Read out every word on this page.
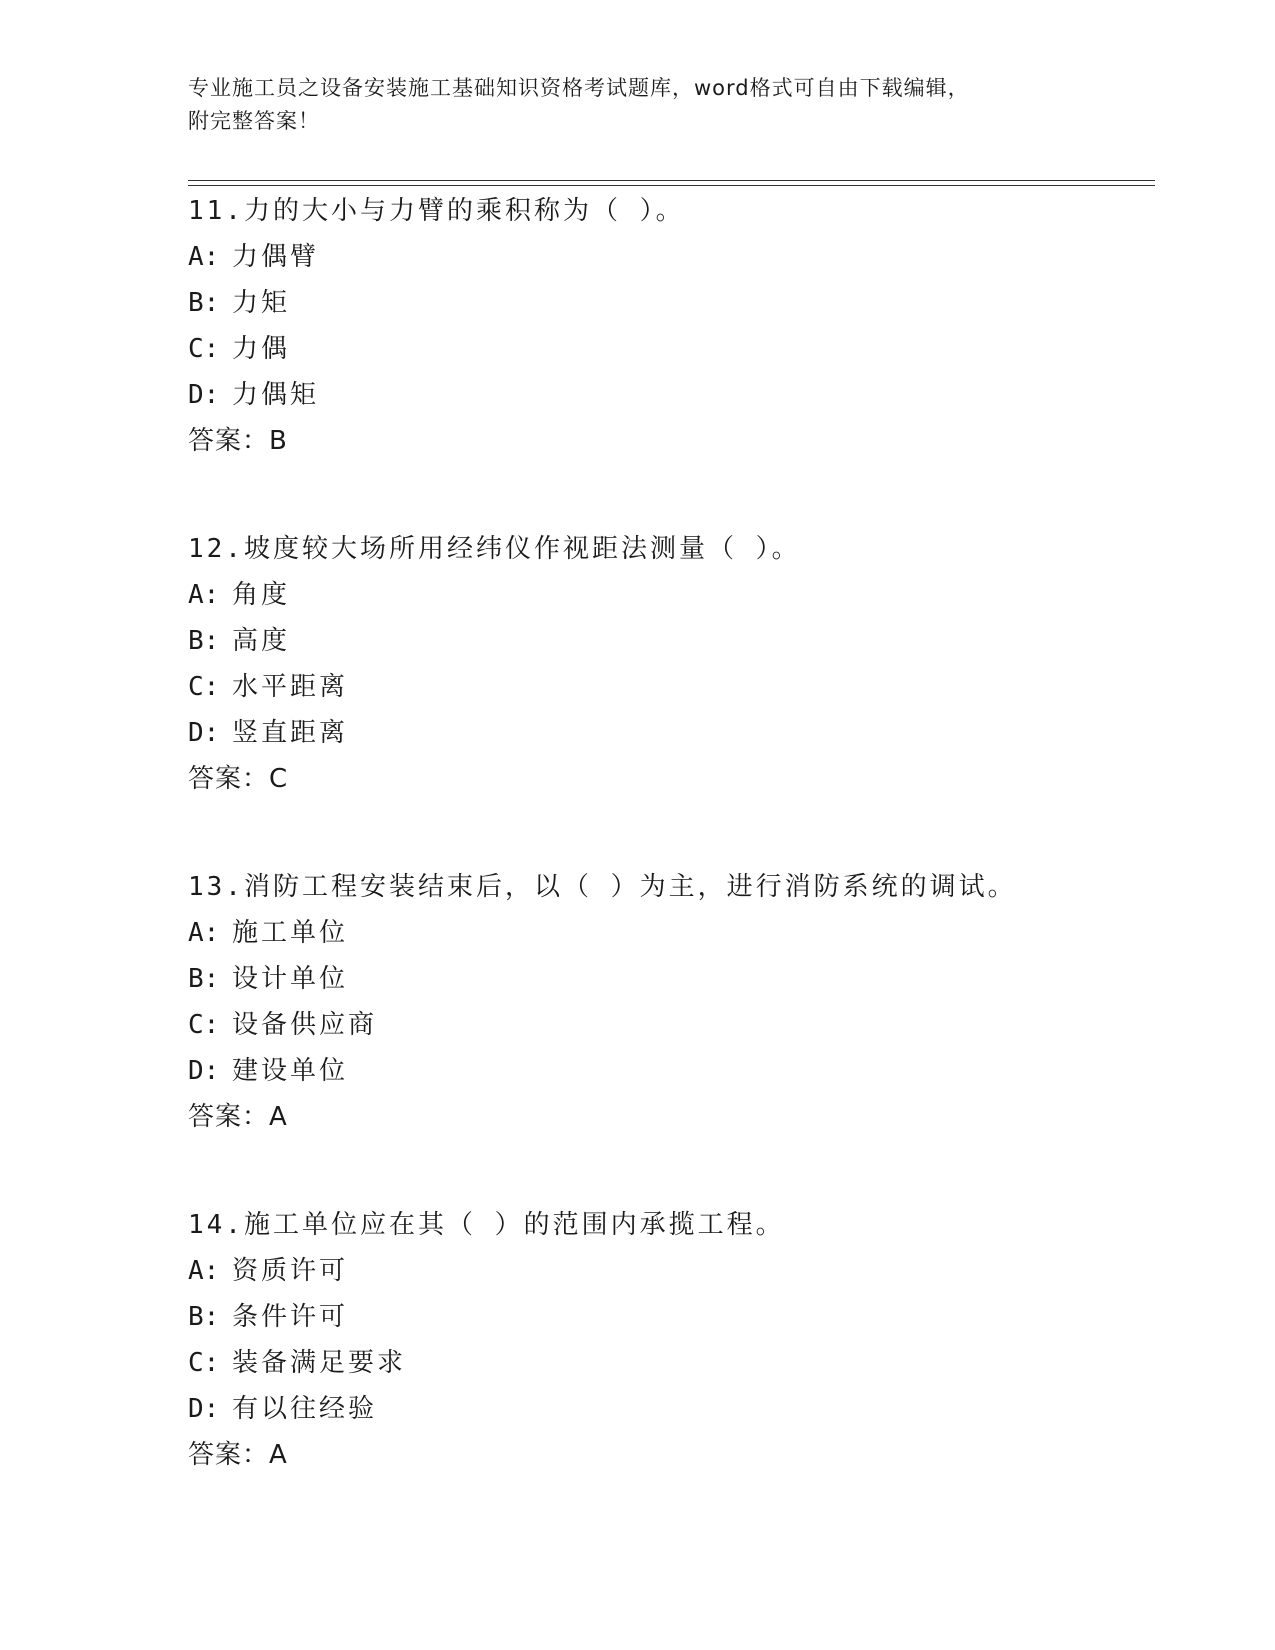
专业施工员之设备安装施工基础知识资格考试题库，word格式可自由下载编辑，
附完整答案！
11.力的大小与力臂的乘积称为（ ）。
A: 力偶臂
B: 力矩
C: 力偶
D: 力偶矩
答案：B
12.坡度较大场所用经纬仪作视距法测量（ ）。
A: 角度
B: 高度
C: 水平距离
D: 竖直距离
答案：C
13.消防工程安装结束后，以（ ）为主，进行消防系统的调试。
A: 施工单位
B: 设计单位
C: 设备供应商
D: 建设单位
答案：A
14.施工单位应在其（ ）的范围内承揽工程。
A: 资质许可
B: 条件许可
C: 装备满足要求
D: 有以往经验
答案：A
